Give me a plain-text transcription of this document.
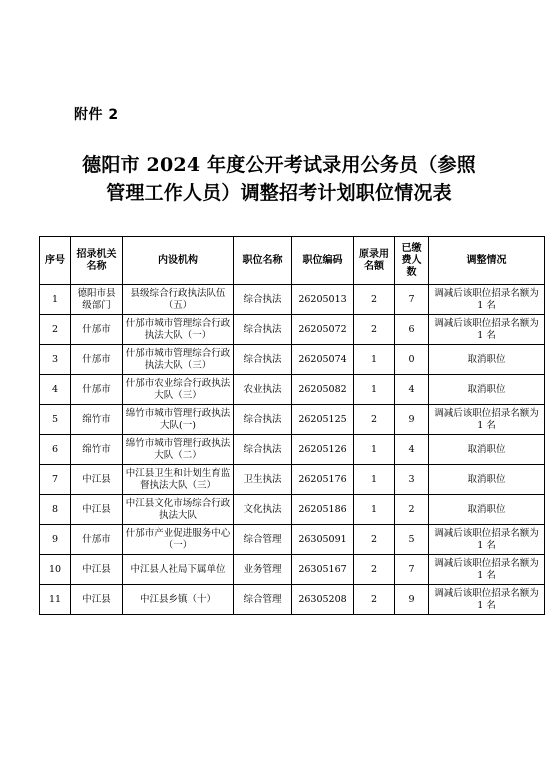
附件 2
德阳市 2024 年度公开考试录用公务员（参照
管理工作人员）调整招考计划职位情况表
序号	招录机关名称	内设机构	职位名称	职位编码	原录用名额	已缴费人数	调整情况
1	德阳市县级部门	县级综合行政执法队伍（五）	综合执法	26205013	2	7	调减后该职位招录名额为 1 名
2	什邡市	什邡市城市管理综合行政执法大队（一）	综合执法	26205072	2	6	调减后该职位招录名额为 1 名
3	什邡市	什邡市城市管理综合行政执法大队（三）	综合执法	26205074	1	0	取消职位
4	什邡市	什邡市农业综合行政执法大队（三）	农业执法	26205082	1	4	取消职位
5	绵竹市	绵竹市城市管理行政执法大队(一)	综合执法	26205125	2	9	调减后该职位招录名额为 1 名
6	绵竹市	绵竹市城市管理行政执法大队（二）	综合执法	26205126	1	4	取消职位
7	中江县	中江县卫生和计划生育监督执法大队（三）	卫生执法	26205176	1	3	取消职位
8	中江县	中江县文化市场综合行政执法大队	文化执法	26205186	1	2	取消职位
9	什邡市	什邡市产业促进服务中心（一）	综合管理	26305091	2	5	调减后该职位招录名额为 1 名
10	中江县	中江县人社局下属单位	业务管理	26305167	2	7	调减后该职位招录名额为 1 名
11	中江县	中江县乡镇（十）	综合管理	26305208	2	9	调减后该职位招录名额为 1 名
